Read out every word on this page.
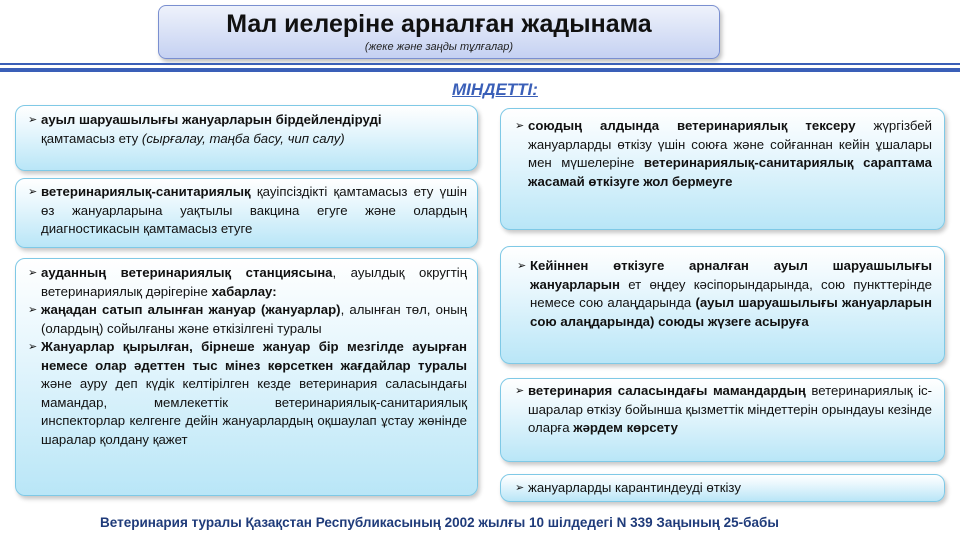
Мал иелеріне арналған жадынама
(жеке және заңды тұлғалар)
МІНДЕТТІ:
➢ ауыл шаруашылығы жануарларын бірдейлендіруді
қамтамасыз ету (сырғалау, таңба басу, чип салу)
➢ ветеринариялық-санитариялық қауіпсіздікті қамтамасыз ету үшін өз жануарларына уақтылы вакцина егуге және олардың диагностикасын қамтамасыз етуге
➢ ауданның ветеринариялық станциясына, ауылдық округтің ветеринариялық дәрігеріне хабарлау:
➢ жаңадан сатып алынған жануар (жануарлар), алынған төл, оның (олардың) сойылғаны және өткізілгені туралы
➢ Жануарлар қырылған, бірнеше жануар бір мезгілде ауырған немесе олар әдеттен тыс мінез көрсеткен жағдайлар туралы және ауру деп күдік келтірілген кезде ветеринария саласындағы мамандар, мемлекеттік ветеринариялық-санитариялық инспекторлар келгенге дейін жануарлардың оқшаулап ұстау жөнінде шаралар қолдану қажет
➢ союдың алдында ветеринариялық тексеру жүргізбей жануарларды өткізу үшін союға және сойғаннан кейін ұшалары мен мүшелеріне ветеринариялық-санитариялық сараптама жасамай өткізуге жол бермеуге
➢ Кейіннен өткізуге арналған ауыл шаруашылығы жануарларын ет өңдеу кәсіпорындарында, сою пункттерінде немесе сою алаңдарында (ауыл шаруашылығы жануарларын сою алаңдарында) союды жүзеге асыруға
➢ ветеринария саласындағы мамандардың ветеринариялық іс-шаралар өткізу бойынша қызметтік міндеттерін орындауы кезінде оларға жәрдем көрсету
➢ жануарларды карантиндеуді өткізу
Ветеринария туралы Қазақстан Республикасының 2002 жылғы 10 шілдедегі N 339 Заңының 25-бабы
